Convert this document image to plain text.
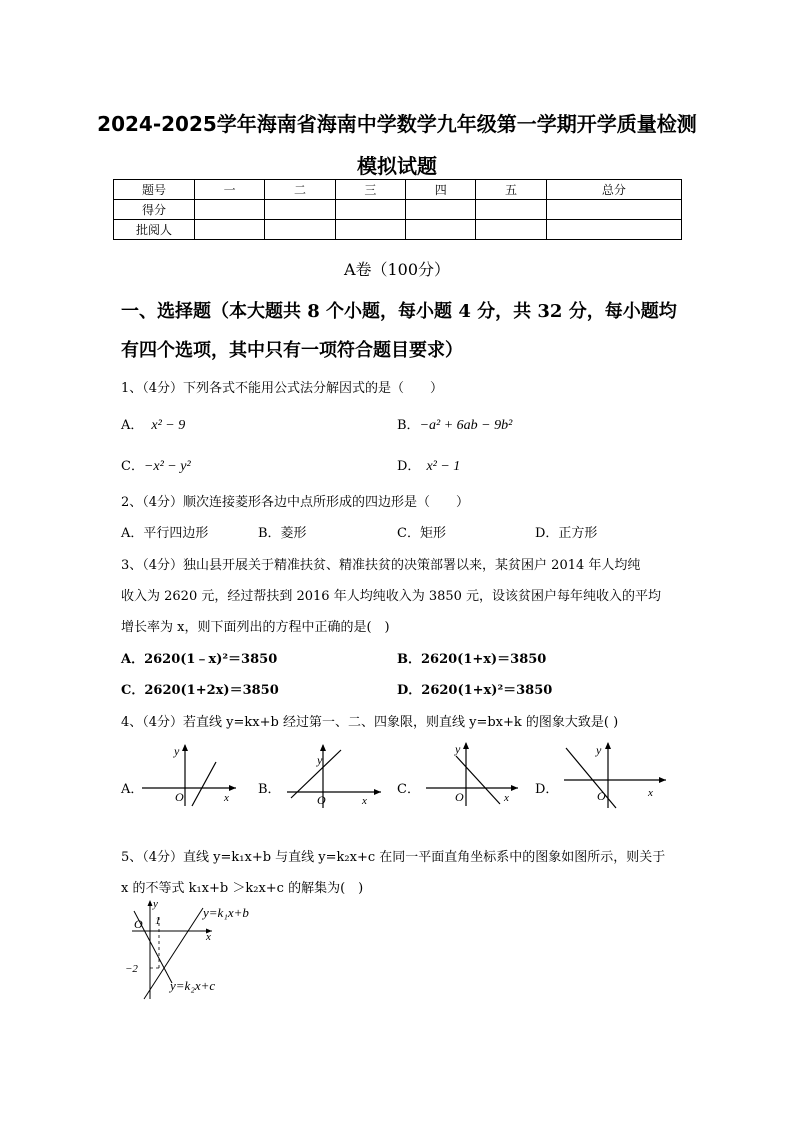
2024-2025学年海南省海南中学数学九年级第一学期开学质量检测
模拟试题
题号	一	二	三	四	五	总分
得分						
批阅人						
A卷（100分）
一、选择题（本大题共 8 个小题，每小题 4 分，共 32 分，每小题均
有四个选项，其中只有一项符合题目要求）
1、（4分）下列各式不能用公式法分解因式的是（　　）
A． x² − 9	B．−a² + 6ab − 9b²
C．−x² − y²	D． x² − 1
2、（4分）顺次连接菱形各边中点所形成的四边形是（　　）
A．平行四边形	B．菱形	C．矩形	D．正方形
3、（4分）独山县开展关于精准扶贫、精准扶贫的决策部署以来，某贫困户 2014 年人均纯
收入为 2620 元，经过帮扶到 2016 年人均纯收入为 3850 元，设该贫困户每年纯收入的平均
增长率为 x，则下面列出的方程中正确的是(　)
A．2620(1﹣x)²＝3850	B．2620(1+x)＝3850
C．2620(1+2x)＝3850	D．2620(1+x)²＝3850
4、（4分）若直线 y=kx+b 经过第一、二、四象限，则直线 y=bx+k 的图象大致是( )
A．	B．	C．	D．
y
O	x
y
O	x
y
O	x
y
O	x
5、（4分）直线 y=k₁x+b 与直线 y=k₂x+c 在同一平面直角坐标系中的图象如图所示，则关于
x 的不等式 k₁x+b ＞k₂x+c 的解集为(　)
y
O 1
x
−2
y=k₁x+b
y=k₂x+c
